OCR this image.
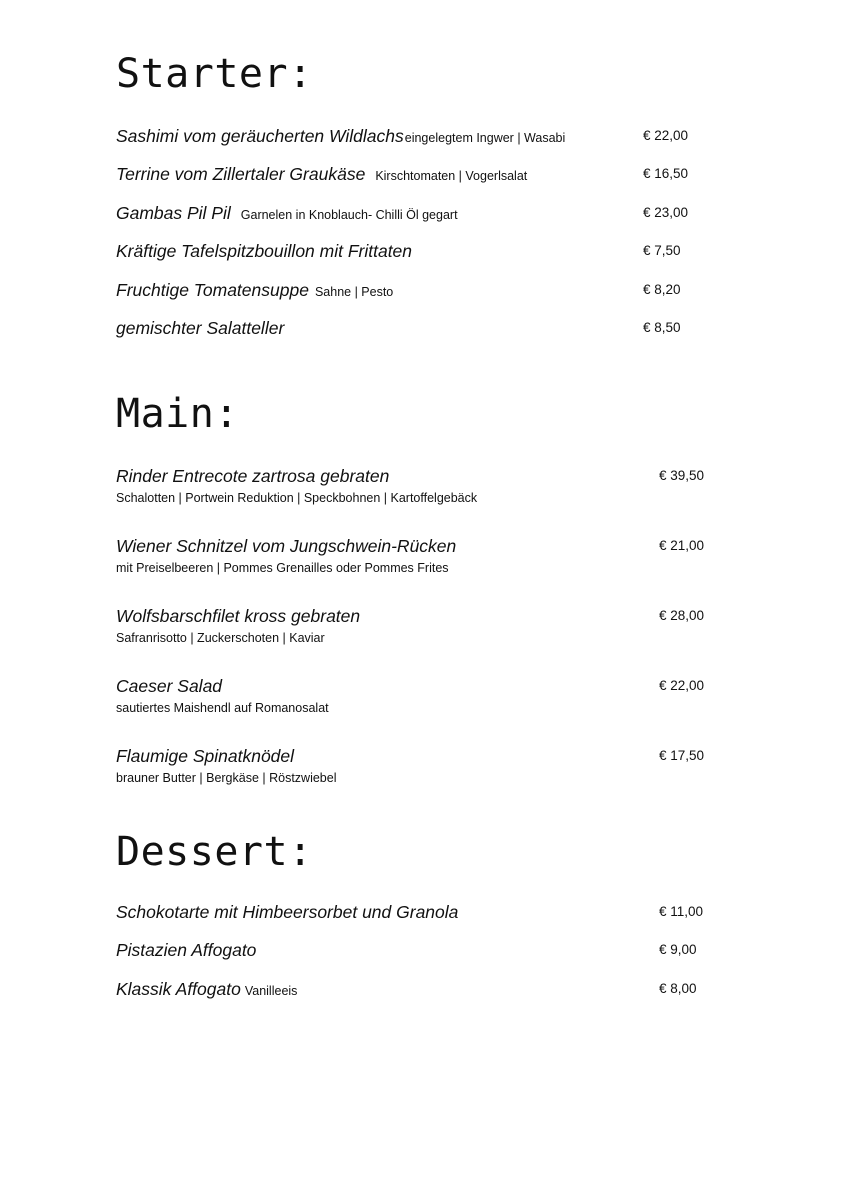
Starter:
Sashimi vom geräucherten Wildlachseingelegtem Ingwer | Wasabi	€ 22,00
Terrine vom Zillertaler Graukäse Kirschtomaten | Vogerlsalat	€ 16,50
Gambas Pil Pil Garnelen in Knoblauch- Chilli Öl gegart	€ 23,00
Kräftige Tafelspitzbouillon mit Frittaten	€ 7,50
Fruchtige Tomatensuppe Sahne | Pesto	€ 8,20
gemischter Salatteller	€ 8,50
Main:
Rinder Entrecote zartrosa gebraten
Schalotten | Portwein Reduktion | Speckbohnen | Kartoffelgebäck
€ 39,50
Wiener Schnitzel vom Jungschwein-Rücken
mit Preiselbeeren | Pommes Grenailles oder Pommes Frites
€ 21,00
Wolfsbarschfilet kross gebraten
Safranrisotto | Zuckerschoten | Kaviar
€ 28,00
Caeser Salad
sautiertes Maishendl auf Romanosalat
€ 22,00
Flaumige Spinatknödel
brauner Butter | Bergkäse | Röstzwiebel
€ 17,50
Dessert:
Schokotarte mit Himbeersorbet und Granola	€ 11,00
Pistazien Affogato	€ 9,00
Klassik Affogato Vanilleeis	€ 8,00
